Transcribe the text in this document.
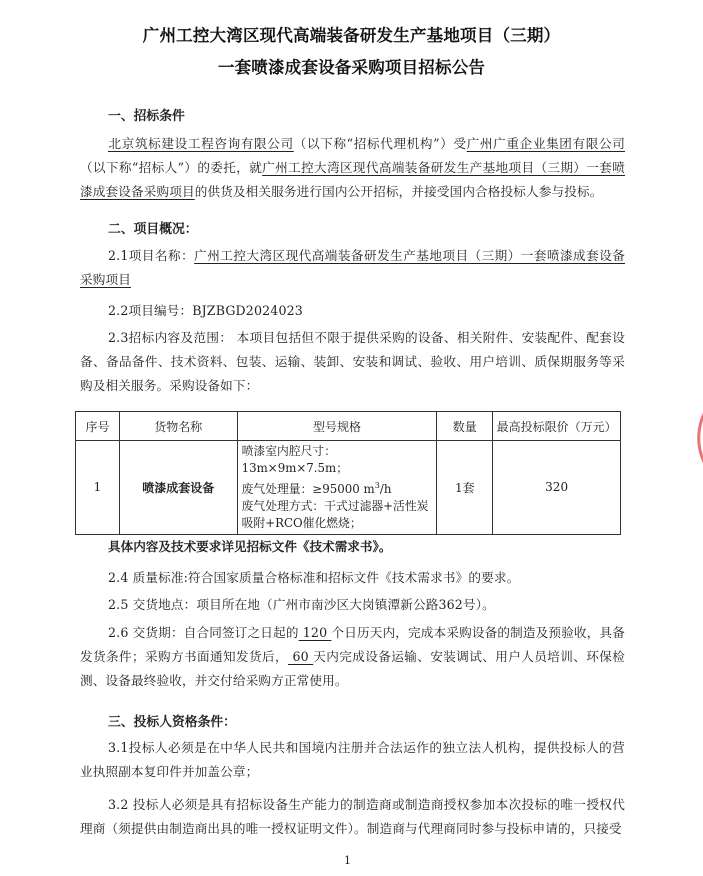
广州工控大湾区现代高端装备研发生产基地项目（三期）
一套喷漆成套设备采购项目招标公告
一、招标条件

北京筑标建设工程咨询有限公司（以下称“招标代理机构”）受广州广重企业集团有限公司（以下称“招标人”）的委托，就广州工控大湾区现代高端装备研发生产基地项目（三期）一套喷漆成套设备采购项目的供货及相关服务进行国内公开招标，并接受国内合格投标人参与投标。

二、项目概况：

2.1项目名称：广州工控大湾区现代高端装备研发生产基地项目（三期）一套喷漆成套设备采购项目

2.2项目编号：BJZBGD2024023

2.3招标内容及范围： 本项目包括但不限于提供采购的设备、相关附件、安装配件、配套设备、备品备件、技术资料、包装、运输、装卸、安装和调试、验收、用户培训、质保期服务等采购及相关服务。采购设备如下：

序号	货物名称	型号规格	数量	最高投标限价（万元）
1	喷漆成套设备	喷漆室内腔尺寸：13m×9m×7.5m；
废气处理量：≥95000 $m^3/h$
废气处理方式：干式过滤器+活性炭吸附+RCO催化燃烧；	1套	320
具体内容及技术要求详见招标文件《技术需求书》。

2.4 质量标准:符合国家质量合格标准和招标文件《技术需求书》的要求。

2.5 交货地点：项目所在地（广州市南沙区大岗镇潭新公路362号）。

2.6 交货期：自合同签订之日起的 120 个日历天内，完成本采购设备的制造及预验收，具备发货条件；采购方书面通知发货后， 60 天内完成设备运输、安装调试、用户人员培训、环保检测、设备最终验收，并交付给采购方正常使用。

三、投标人资格条件：

3.1投标人必须是在中华人民共和国境内注册并合法运作的独立法人机构，提供投标人的营业执照副本复印件并加盖公章；

3.2 投标人必须是具有招标设备生产能力的制造商或制造商授权参加本次投标的唯一授权代理商（须提供由制造商出具的唯一授权证明文件）。制造商与代理商同时参与投标申请的，只接受

1
